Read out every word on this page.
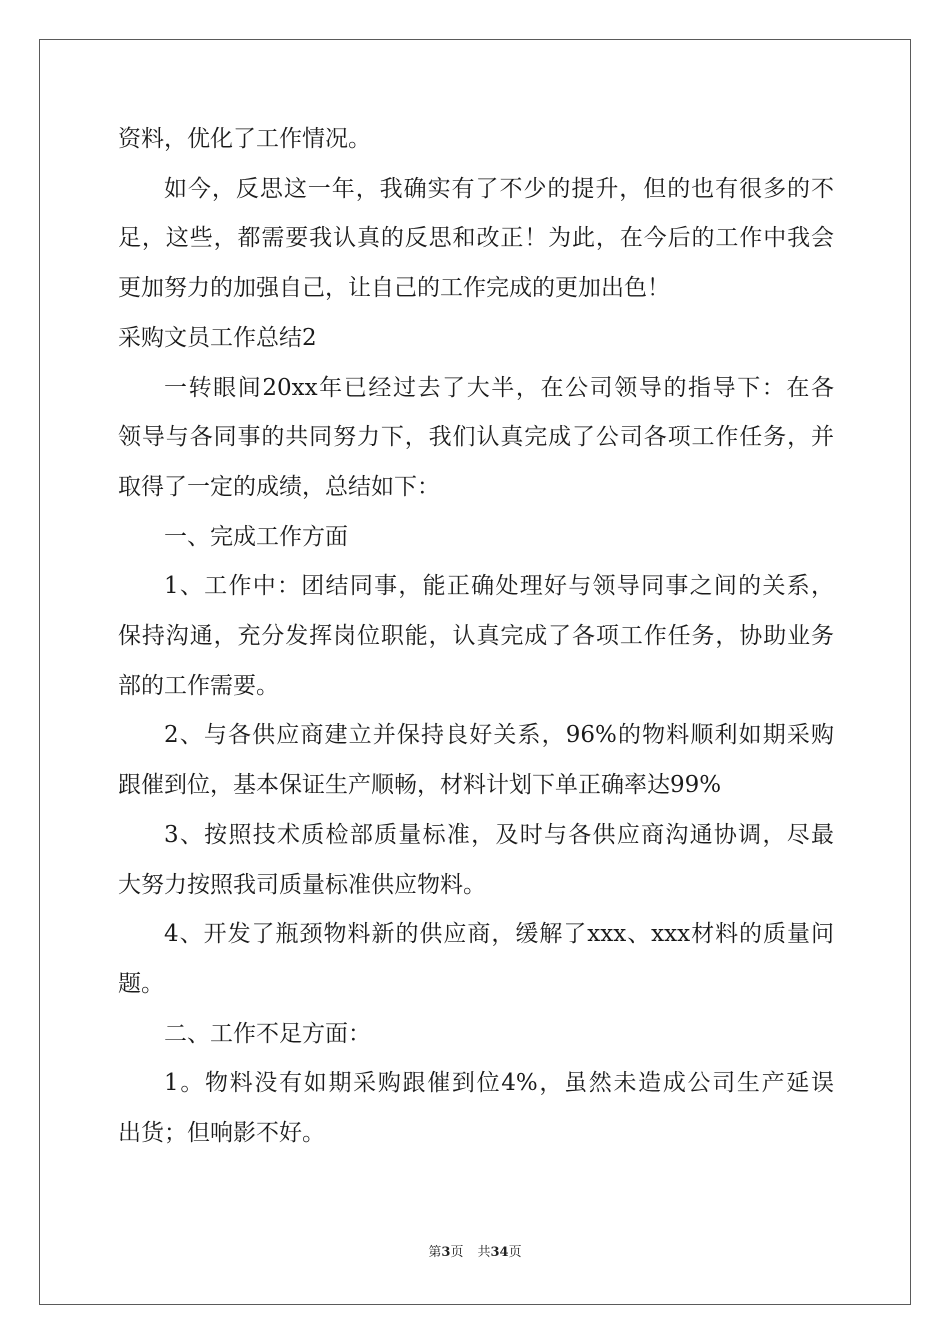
资料，优化了工作情况。
如今，反思这一年，我确实有了不少的提升，但的也有很多的不
足，这些，都需要我认真的反思和改正！为此，在今后的工作中我会
更加努力的加强自己，让自己的工作完成的更加出色！
采购文员工作总结2
一转眼间20xx年已经过去了大半，在公司领导的指导下：在各
领导与各同事的共同努力下，我们认真完成了公司各项工作任务，并
取得了一定的成绩，总结如下：
一、完成工作方面
1、工作中：团结同事，能正确处理好与领导同事之间的关系，
保持沟通，充分发挥岗位职能，认真完成了各项工作任务，协助业务
部的工作需要。
2、与各供应商建立并保持良好关系，96%的物料顺利如期采购
跟催到位，基本保证生产顺畅，材料计划下单正确率达99%
3、按照技术质检部质量标准，及时与各供应商沟通协调，尽最
大努力按照我司质量标准供应物料。
4、开发了瓶颈物料新的供应商，缓解了xxx、xxx材料的质量问
题。
二、工作不足方面：
1。物料没有如期采购跟催到位4%，虽然未造成公司生产延误
出货；但响影不好。
第3页 共34页
